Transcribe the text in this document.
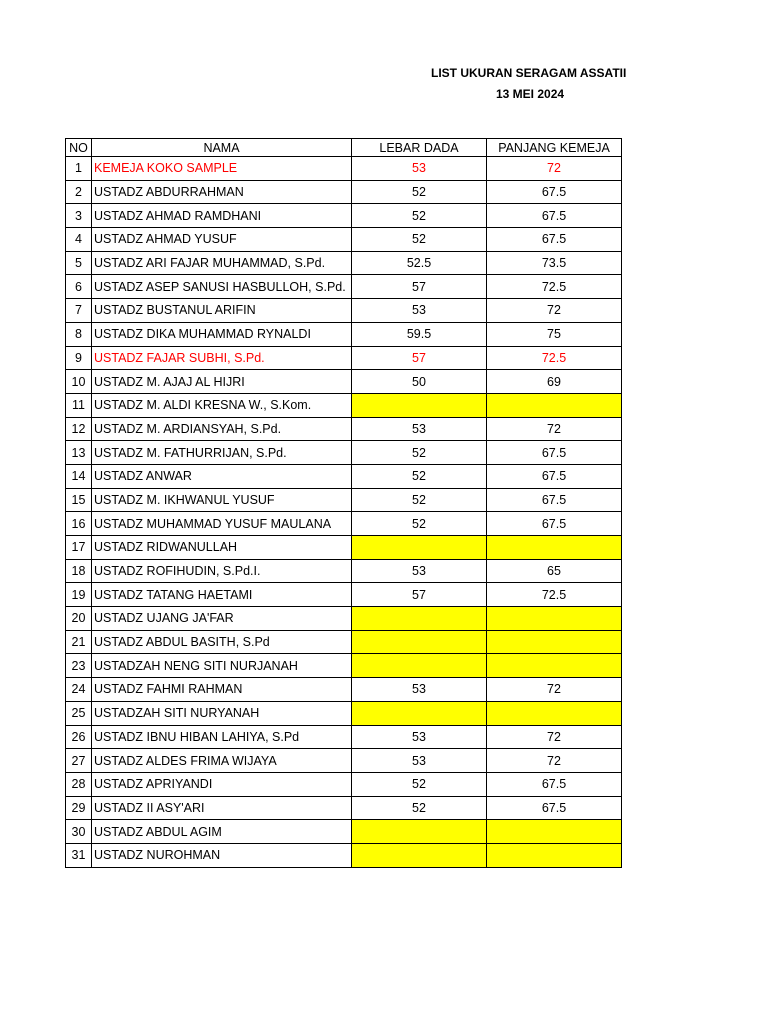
LIST UKURAN SERAGAM ASSATII
13 MEI 2024
NO	NAMA	LEBAR DADA	PANJANG KEMEJA
1	KEMEJA KOKO SAMPLE	53	72
2	USTADZ ABDURRAHMAN	52	67.5
3	USTADZ AHMAD RAMDHANI	52	67.5
4	USTADZ AHMAD YUSUF	52	67.5
5	USTADZ ARI FAJAR MUHAMMAD, S.Pd.	52.5	73.5
6	USTADZ ASEP SANUSI HASBULLOH, S.Pd.	57	72.5
7	USTADZ BUSTANUL ARIFIN	53	72
8	USTADZ DIKA MUHAMMAD RYNALDI	59.5	75
9	USTADZ FAJAR SUBHI, S.Pd.	57	72.5
10	USTADZ M. AJAJ AL HIJRI	50	69
11	USTADZ M. ALDI KRESNA W., S.Kom.		
12	USTADZ M. ARDIANSYAH, S.Pd.	53	72
13	USTADZ M. FATHURRIJAN, S.Pd.	52	67.5
14	USTADZ ANWAR	52	67.5
15	USTADZ M. IKHWANUL YUSUF	52	67.5
16	USTADZ MUHAMMAD YUSUF MAULANA	52	67.5
17	USTADZ RIDWANULLAH		
18	USTADZ ROFIHUDIN, S.Pd.I.	53	65
19	USTADZ TATANG HAETAMI	57	72.5
20	USTADZ UJANG JA'FAR		
21	USTADZ ABDUL BASITH, S.Pd		
23	USTADZAH NENG SITI NURJANAH		
24	USTADZ FAHMI RAHMAN	53	72
25	USTADZAH SITI NURYANAH		
26	USTADZ IBNU HIBAN LAHIYA, S.Pd	53	72
27	USTADZ ALDES FRIMA WIJAYA	53	72
28	USTADZ APRIYANDI	52	67.5
29	USTADZ II ASY'ARI	52	67.5
30	USTADZ ABDUL AGIM		
31	USTADZ NUROHMAN		
